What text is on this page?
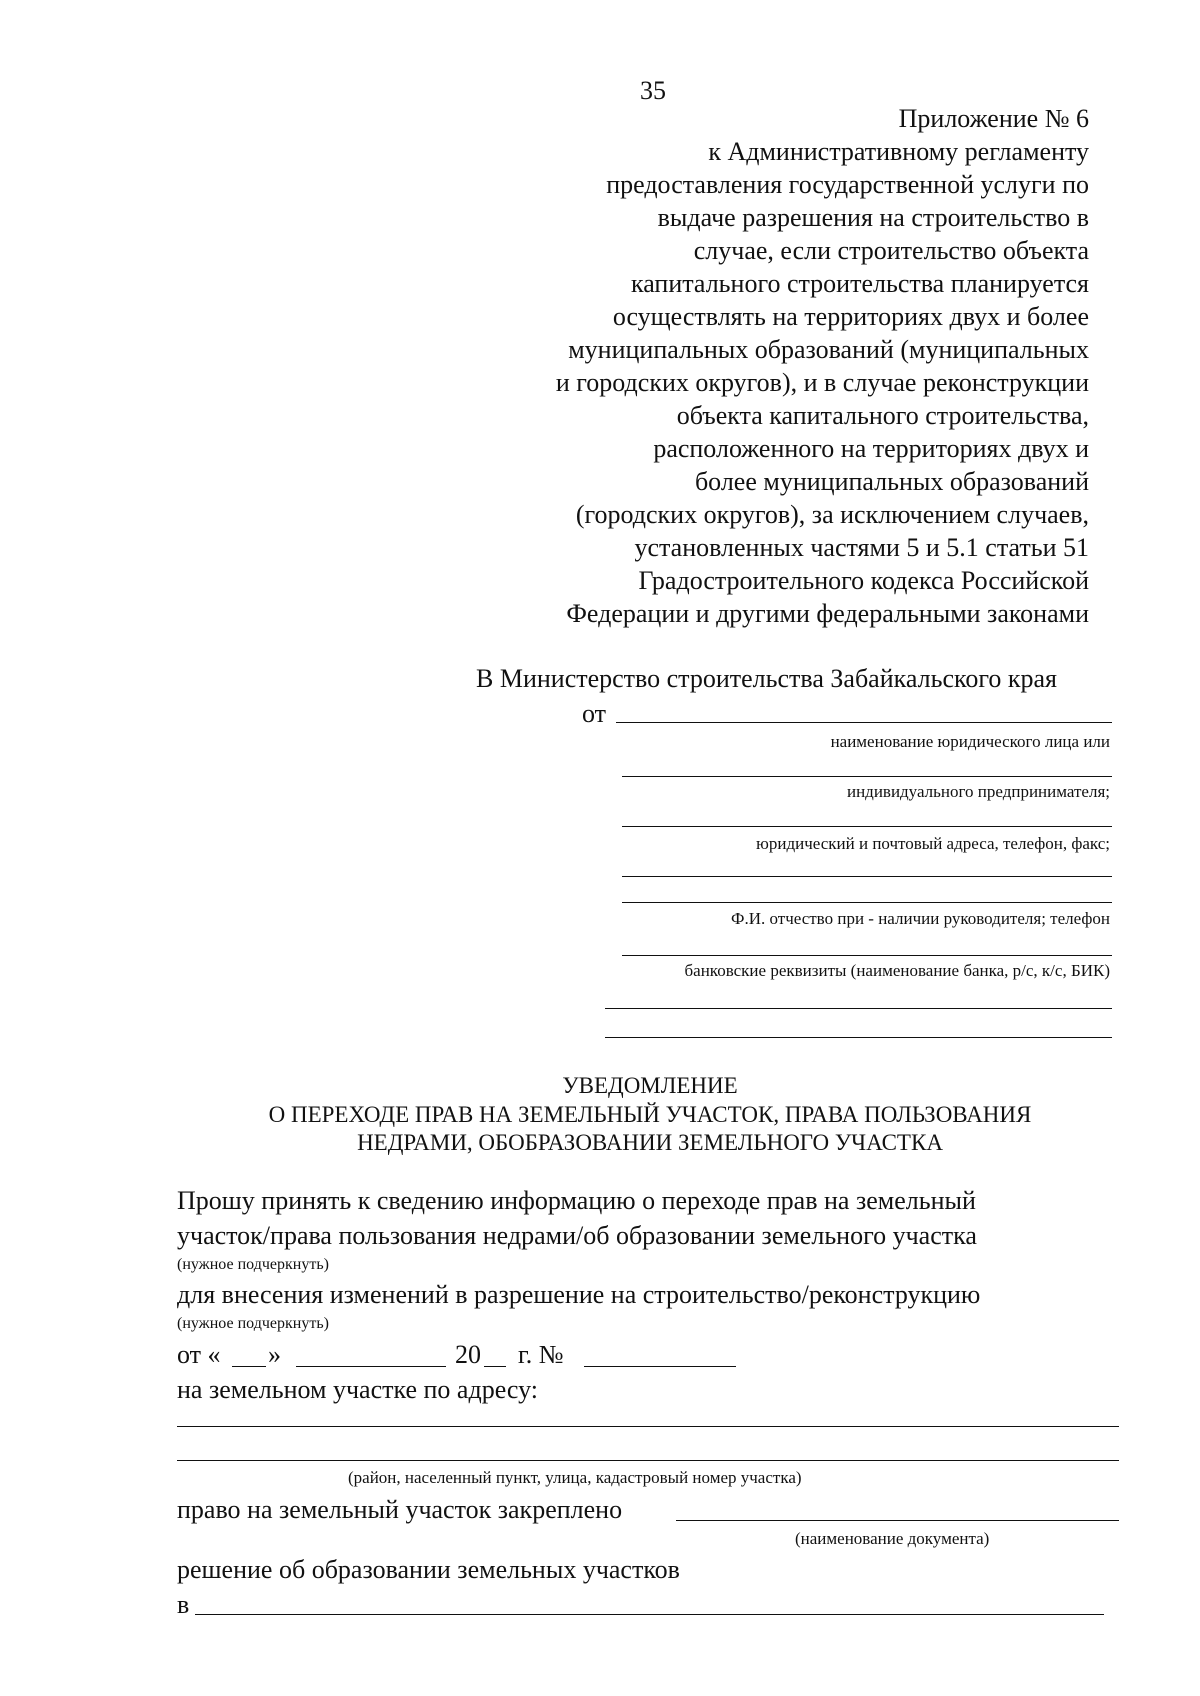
35
Приложение № 6
к Административному регламенту
предоставления государственной услуги по
выдаче разрешения на строительство в
случае, если строительство объекта
капитального строительства планируется
осуществлять на территориях двух и более
муниципальных образований (муниципальных
и городских округов), и в случае реконструкции
объекта капитального строительства,
расположенного на территориях двух и
более муниципальных образований
(городских округов), за исключением случаев,
установленных частями 5 и 5.1 статьи 51
Градостроительного кодекса Российской
Федерации и другими федеральными законами
В Министерство строительства Забайкальского края
от
наименование юридического лица или
индивидуального предпринимателя;
юридический и почтовый адреса, телефон, факс;
Ф.И. отчество при - наличии руководителя; телефон
банковские реквизиты (наименование банка, р/с, к/с, БИК)
УВЕДОМЛЕНИЕ
О ПЕРЕХОДЕ ПРАВ НА ЗЕМЕЛЬНЫЙ УЧАСТОК, ПРАВА ПОЛЬЗОВАНИЯ
НЕДРАМИ, ОБОБРАЗОВАНИИ ЗЕМЕЛЬНОГО УЧАСТКА
Прошу принять к сведению информацию о переходе прав на земельный
участок/права пользования недрами/об образовании земельного участка
(нужное подчеркнуть)
для внесения изменений в разрешение на строительство/реконструкцию
(нужное подчеркнуть)
от « »	20 г. №
на земельном участке по адресу:
(район, населенный пункт, улица, кадастровый номер участка)
право на земельный участок закреплено
(наименование документа)
решение об образовании земельных участков
в
